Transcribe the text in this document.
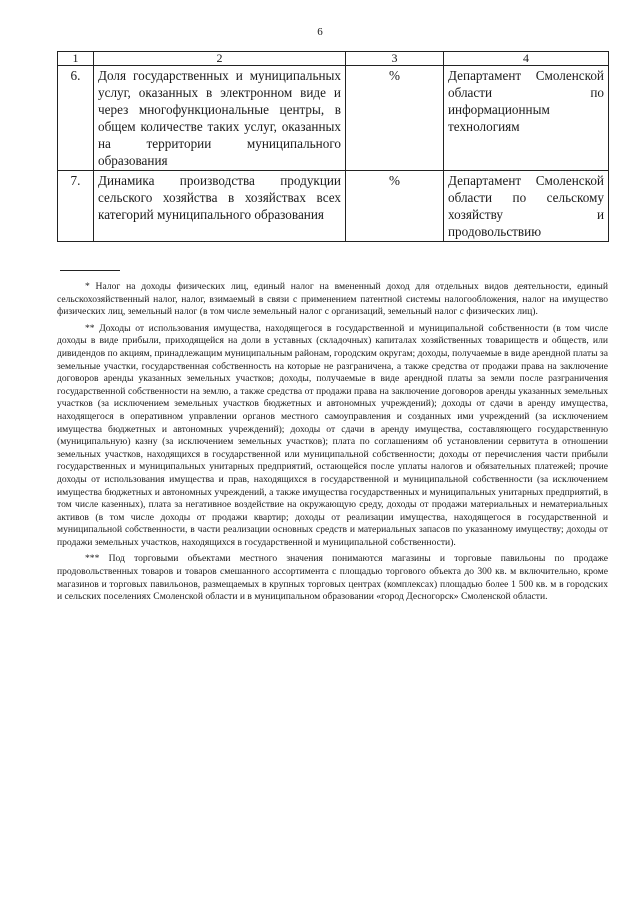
6
1	2	3	4
6.	Доля государственных и муниципальных услуг, оказанных в электронном виде и через многофункциональные центры, в общем количестве таких услуг, оказанных на территории муниципального образования	%	Департамент Смоленской области по информационным технологиям
7.	Динамика производства продукции сельского хозяйства в хозяйствах всех категорий муниципального образования	%	Департамент Смоленской области по сельскому хозяйству и продовольствию

* Налог на доходы физических лиц, единый налог на вмененный доход для отдельных видов деятельности, единый сельскохозяйственный налог, налог, взимаемый в связи с применением патентной системы налогообложения, налог на имущество физических лиц, земельный налог (в том числе земельный налог с организаций, земельный налог с физических лиц).

** Доходы от использования имущества, находящегося в государственной и муниципальной собственности (в том числе доходы в виде прибыли, приходящейся на доли в уставных (складочных) капиталах хозяйственных товариществ и обществ, или дивидендов по акциям, принадлежащим муниципальным районам, городским округам; доходы, получаемые в виде арендной платы за земельные участки, государственная собственность на которые не разграничена, а также средства от продажи права на заключение договоров аренды указанных земельных участков; доходы, получаемые в виде арендной платы за земли после разграничения государственной собственности на землю, а также средства от продажи права на заключение договоров аренды указанных земельных участков (за исключением земельных участков бюджетных и автономных учреждений); доходы от сдачи в аренду имущества, находящегося в оперативном управлении органов местного самоуправления и созданных ими учреждений (за исключением имущества бюджетных и автономных учреждений); доходы от сдачи в аренду имущества, составляющего государственную (муниципальную) казну (за исключением земельных участков); плата по соглашениям об установлении сервитута в отношении земельных участков, находящихся в государственной или муниципальной собственности; доходы от перечисления части прибыли государственных и муниципальных унитарных предприятий, остающейся после уплаты налогов и обязательных платежей; прочие доходы от использования имущества и прав, находящихся в государственной и муниципальной собственности (за исключением имущества бюджетных и автономных учреждений, а также имущества государственных и муниципальных унитарных предприятий, в том числе казенных), плата за негативное воздействие на окружающую среду, доходы от продажи материальных и нематериальных активов (в том числе доходы от продажи квартир; доходы от реализации имущества, находящегося в государственной и муниципальной собственности, в части реализации основных средств и материальных запасов по указанному имуществу; доходы от продажи земельных участков, находящихся в государственной и муниципальной собственности).

*** Под торговыми объектами местного значения понимаются магазины и торговые павильоны по продаже продовольственных товаров и товаров смешанного ассортимента с площадью торгового объекта до 300 кв. м включительно, кроме магазинов и торговых павильонов, размещаемых в крупных торговых центрах (комплексах) площадью более 1 500 кв. м в городских и сельских поселениях Смоленской области и в муниципальном образовании «город Десногорск» Смоленской области.
